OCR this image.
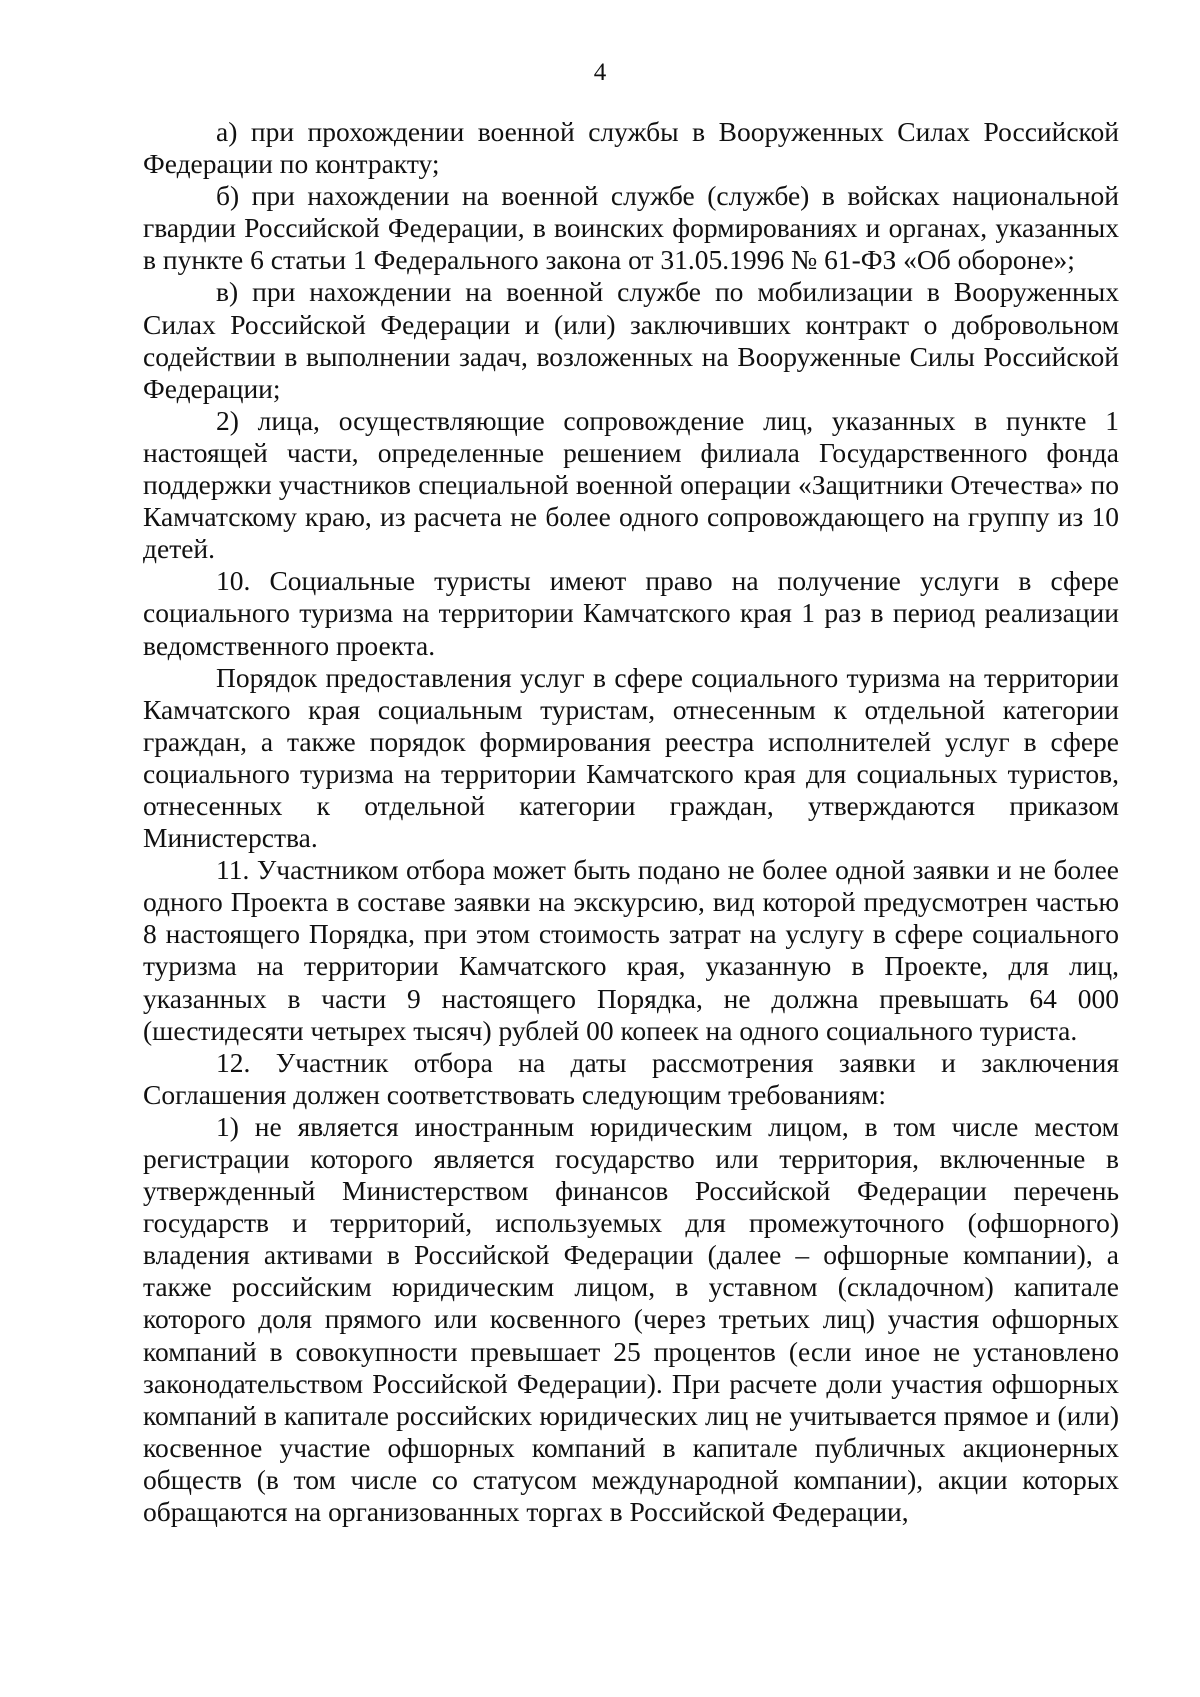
4

а) при прохождении военной службы в Вооруженных Силах Российской Федерации по контракту;

б) при нахождении на военной службе (службе) в войсках национальной гвардии Российской Федерации, в воинских формированиях и органах, указанных в пункте 6 статьи 1 Федерального закона от 31.05.1996 № 61-ФЗ «Об обороне»;

в) при нахождении на военной службе по мобилизации в Вооруженных Силах Российской Федерации и (или) заключивших контракт о добровольном содействии в выполнении задач, возложенных на Вооруженные Силы Российской Федерации;

2) лица, осуществляющие сопровождение лиц, указанных в пункте 1 настоящей части, определенные решением филиала Государственного фонда поддержки участников специальной военной операции «Защитники Отечества» по Камчатскому краю, из расчета не более одного сопровождающего на группу из 10 детей.

10. Социальные туристы имеют право на получение услуги в сфере социального туризма на территории Камчатского края 1 раз в период реализации ведомственного проекта.

Порядок предоставления услуг в сфере социального туризма на территории Камчатского края социальным туристам, отнесенным к отдельной категории граждан, а также порядок формирования реестра исполнителей услуг в сфере социального туризма на территории Камчатского края для социальных туристов, отнесенных к отдельной категории граждан, утверждаются приказом Министерства.

11. Участником отбора может быть подано не более одной заявки и не более одного Проекта в составе заявки на экскурсию, вид которой предусмотрен частью 8 настоящего Порядка, при этом стоимость затрат на услугу в сфере социального туризма на территории Камчатского края, указанную в Проекте, для лиц, указанных в части 9 настоящего Порядка, не должна превышать 64 000 (шестидесяти четырех тысяч) рублей 00 копеек на одного социального туриста.

12. Участник отбора на даты рассмотрения заявки и заключения Соглашения должен соответствовать следующим требованиям:

1) не является иностранным юридическим лицом, в том числе местом регистрации которого является государство или территория, включенные в утвержденный Министерством финансов Российской Федерации перечень государств и территорий, используемых для промежуточного (офшорного) владения активами в Российской Федерации (далее – офшорные компании), а также российским юридическим лицом, в уставном (складочном) капитале которого доля прямого или косвенного (через третьих лиц) участия офшорных компаний в совокупности превышает 25 процентов (если иное не установлено законодательством Российской Федерации). При расчете доли участия офшорных компаний в капитале российских юридических лиц не учитывается прямое и (или) косвенное участие офшорных компаний в капитале публичных акционерных обществ (в том числе со статусом международной компании), акции которых обращаются на организованных торгах в Российской Федерации,
